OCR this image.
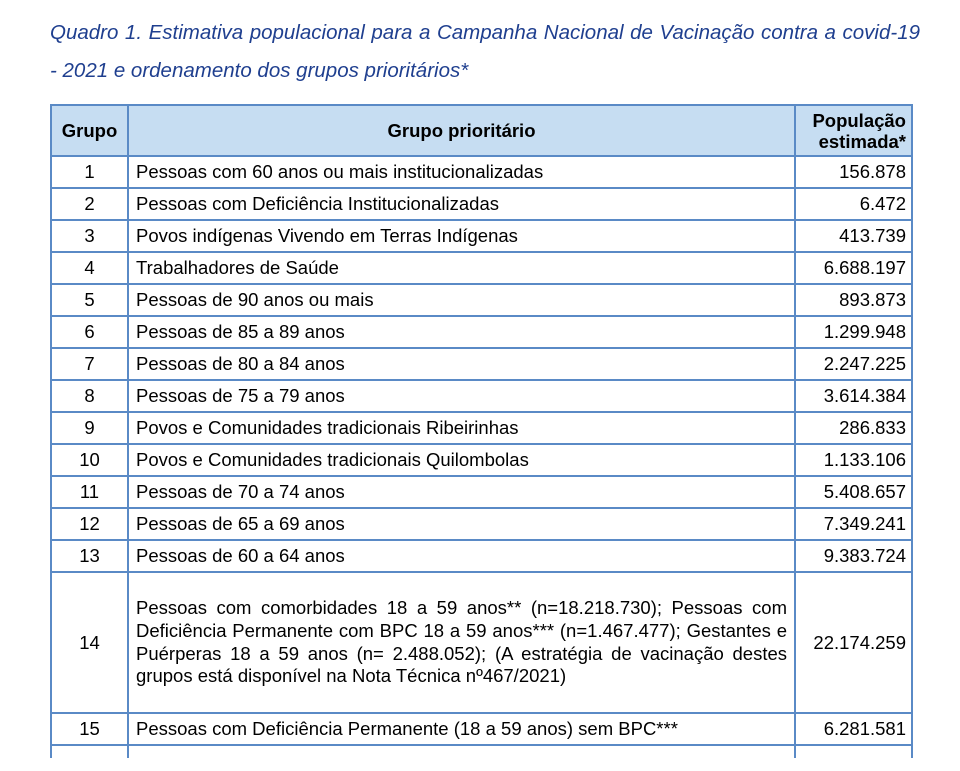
Quadro 1. Estimativa populacional para a Campanha Nacional de Vacinação contra a covid-19 - 2021 e ordenamento dos grupos prioritários*
Grupo	Grupo prioritário	População
estimada*

1	Pessoas com 60 anos ou mais institucionalizadas	156.878
2	Pessoas com Deficiência Institucionalizadas	6.472
3	Povos indígenas Vivendo em Terras Indígenas	413.739
4	Trabalhadores de Saúde	6.688.197
5	Pessoas de 90 anos ou mais	893.873
6	Pessoas de 85 a 89 anos	1.299.948
7	Pessoas de 80 a 84 anos	2.247.225
8	Pessoas de 75 a 79 anos	3.614.384
9	Povos e Comunidades tradicionais Ribeirinhas	286.833
10	Povos e Comunidades tradicionais Quilombolas	1.133.106
11	Pessoas de 70 a 74 anos	5.408.657
12	Pessoas de 65 a 69 anos	7.349.241
13	Pessoas de 60 a 64 anos	9.383.724
14	Pessoas com comorbidades 18 a 59 anos** (n=18.218.730); Pessoas com Deficiência Permanente com BPC 18 a 59 anos*** (n=1.467.477); Gestantes e Puérperas 18 a 59 anos (n= 2.488.052); (A estratégia de vacinação destes grupos está disponível na Nota Técnica nº467/2021)	22.174.259
15	Pessoas com Deficiência Permanente (18 a 59 anos) sem BPC***	6.281.581
